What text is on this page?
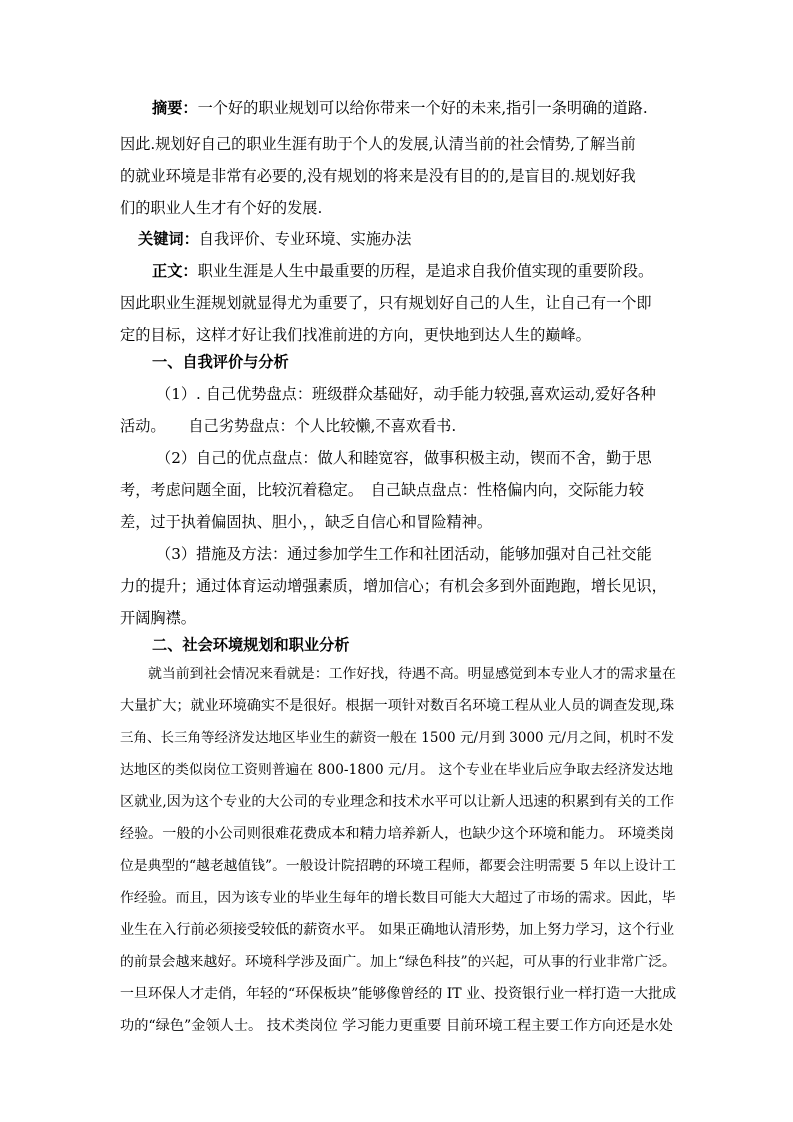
摘要：一个好的职业规划可以给你带来一个好的未来,指引一条明确的道路.
因此.规划好自己的职业生涯有助于个人的发展,认清当前的社会情势,了解当前
的就业环境是非常有必要的,没有规划的将来是没有目的的,是盲目的.规划好我
们的职业人生才有个好的发展.
关键词：自我评价、专业环境、实施办法
正文：职业生涯是人生中最重要的历程，是追求自我价值实现的重要阶段。
因此职业生涯规划就显得尤为重要了，只有规划好自己的人生，让自己有一个即
定的目标，这样才好让我们找准前进的方向，更快地到达人生的巅峰。
一、自我评价与分析
（1）. 自己优势盘点：班级群众基础好，动手能力较强,喜欢运动,爱好各种
活动。　　自己劣势盘点：个人比较懒,不喜欢看书.
（2）自己的优点盘点：做人和睦宽容，做事积极主动，锲而不舍，勤于思
考，考虑问题全面，比较沉着稳定。　自己缺点盘点：性格偏内向，交际能力较
差，过于执着偏固执、胆小，，缺乏自信心和冒险精神。
（3）措施及方法：通过参加学生工作和社团活动，能够加强对自己社交能
力的提升；通过体育运动增强素质，增加信心；有机会多到外面跑跑，增长见识，
开阔胸襟。
二、社会环境规划和职业分析
就当前到社会情况来看就是：工作好找，待遇不高。明显感觉到本专业人才的需求量在
大量扩大；就业环境确实不是很好。根据一项针对数百名环境工程从业人员的调查发现,珠
三角、长三角等经济发达地区毕业生的薪资一般在 1500 元/月到 3000 元/月之间，机时不发
达地区的类似岗位工资则普遍在 800-1800 元/月。 这个专业在毕业后应争取去经济发达地
区就业,因为这个专业的大公司的专业理念和技术水平可以让新人迅速的积累到有关的工作
经验。一般的小公司则很难花费成本和精力培养新人，也缺少这个环境和能力。 环境类岗
位是典型的“越老越值钱”。一般设计院招聘的环境工程师，都要会注明需要 5 年以上设计工
作经验。而且，因为该专业的毕业生每年的增长数目可能大大超过了市场的需求。因此，毕
业生在入行前必须接受较低的薪资水平。 如果正确地认清形势，加上努力学习，这个行业
的前景会越来越好。环境科学涉及面广。加上“绿色科技”的兴起，可从事的行业非常广泛。
一旦环保人才走俏，年轻的“环保板块”能够像曾经的 IT 业、投资银行业一样打造一大批成
功的“绿色”金领人士。 技术类岗位 学习能力更重要 目前环境工程主要工作方向还是水处
